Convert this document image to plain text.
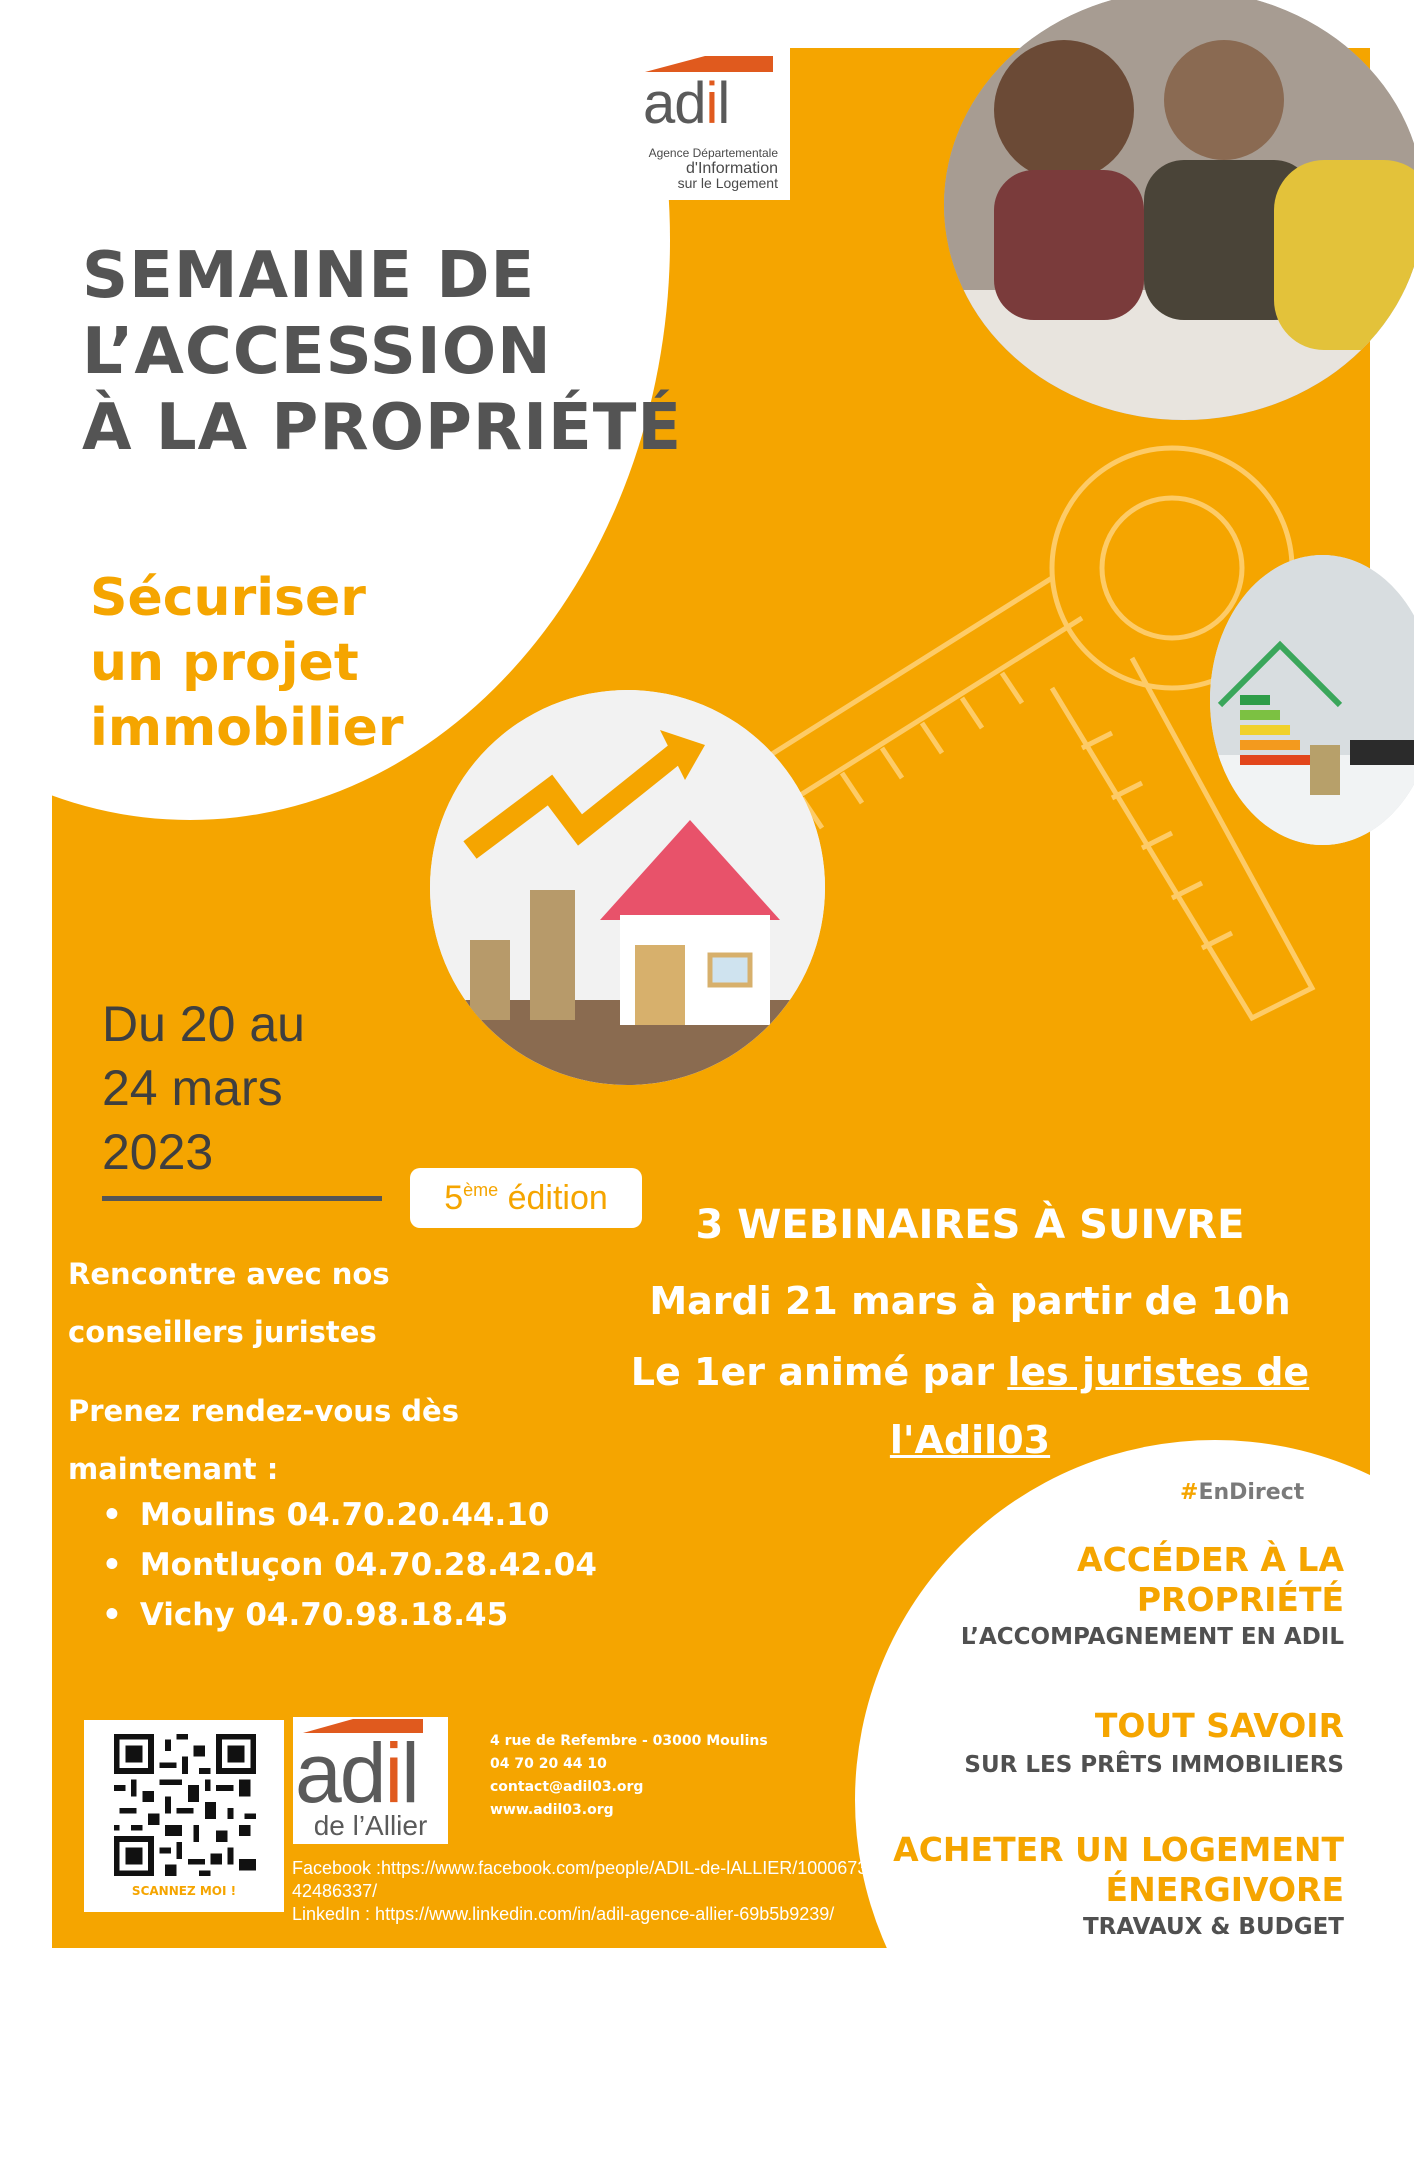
adil
Agence Départementale
d'Information
sur le Logement
SEMAINE DE
L’ACCESSION
À LA PROPRIÉTÉ
Sécuriser
un projet
immobilier
Du 20 au
24 mars
2023
5ème édition
Rencontre avec nos
conseillers juristes
Prenez rendez-vous dès
maintenant :
• Moulins 04.70.20.44.10
• Montluçon 04.70.28.42.04
• Vichy 04.70.98.18.45
3 WEBINAIRES À SUIVRE
Mardi 21 mars à partir de 10h
Le 1er animé par les juristes de
l'Adil03
#EnDirect
ACCÉDER À LA
PROPRIÉTÉ
L’ACCOMPAGNEMENT EN ADIL
TOUT SAVOIR
SUR LES PRÊTS IMMOBILIERS
ACHETER UN LOGEMENT
ÉNERGIVORE
TRAVAUX & BUDGET
SCANNEZ MOI !
adil
de l’Allier
4 rue de Refembre - 03000 Moulins
04 70 20 44 10
contact@adil03.org
www.adil03.org
Facebook :https://www.facebook.com/people/ADIL-de-lALLIER/100067342486337/
LinkedIn : https://www.linkedin.com/in/adil-agence-allier-69b5b9239/
